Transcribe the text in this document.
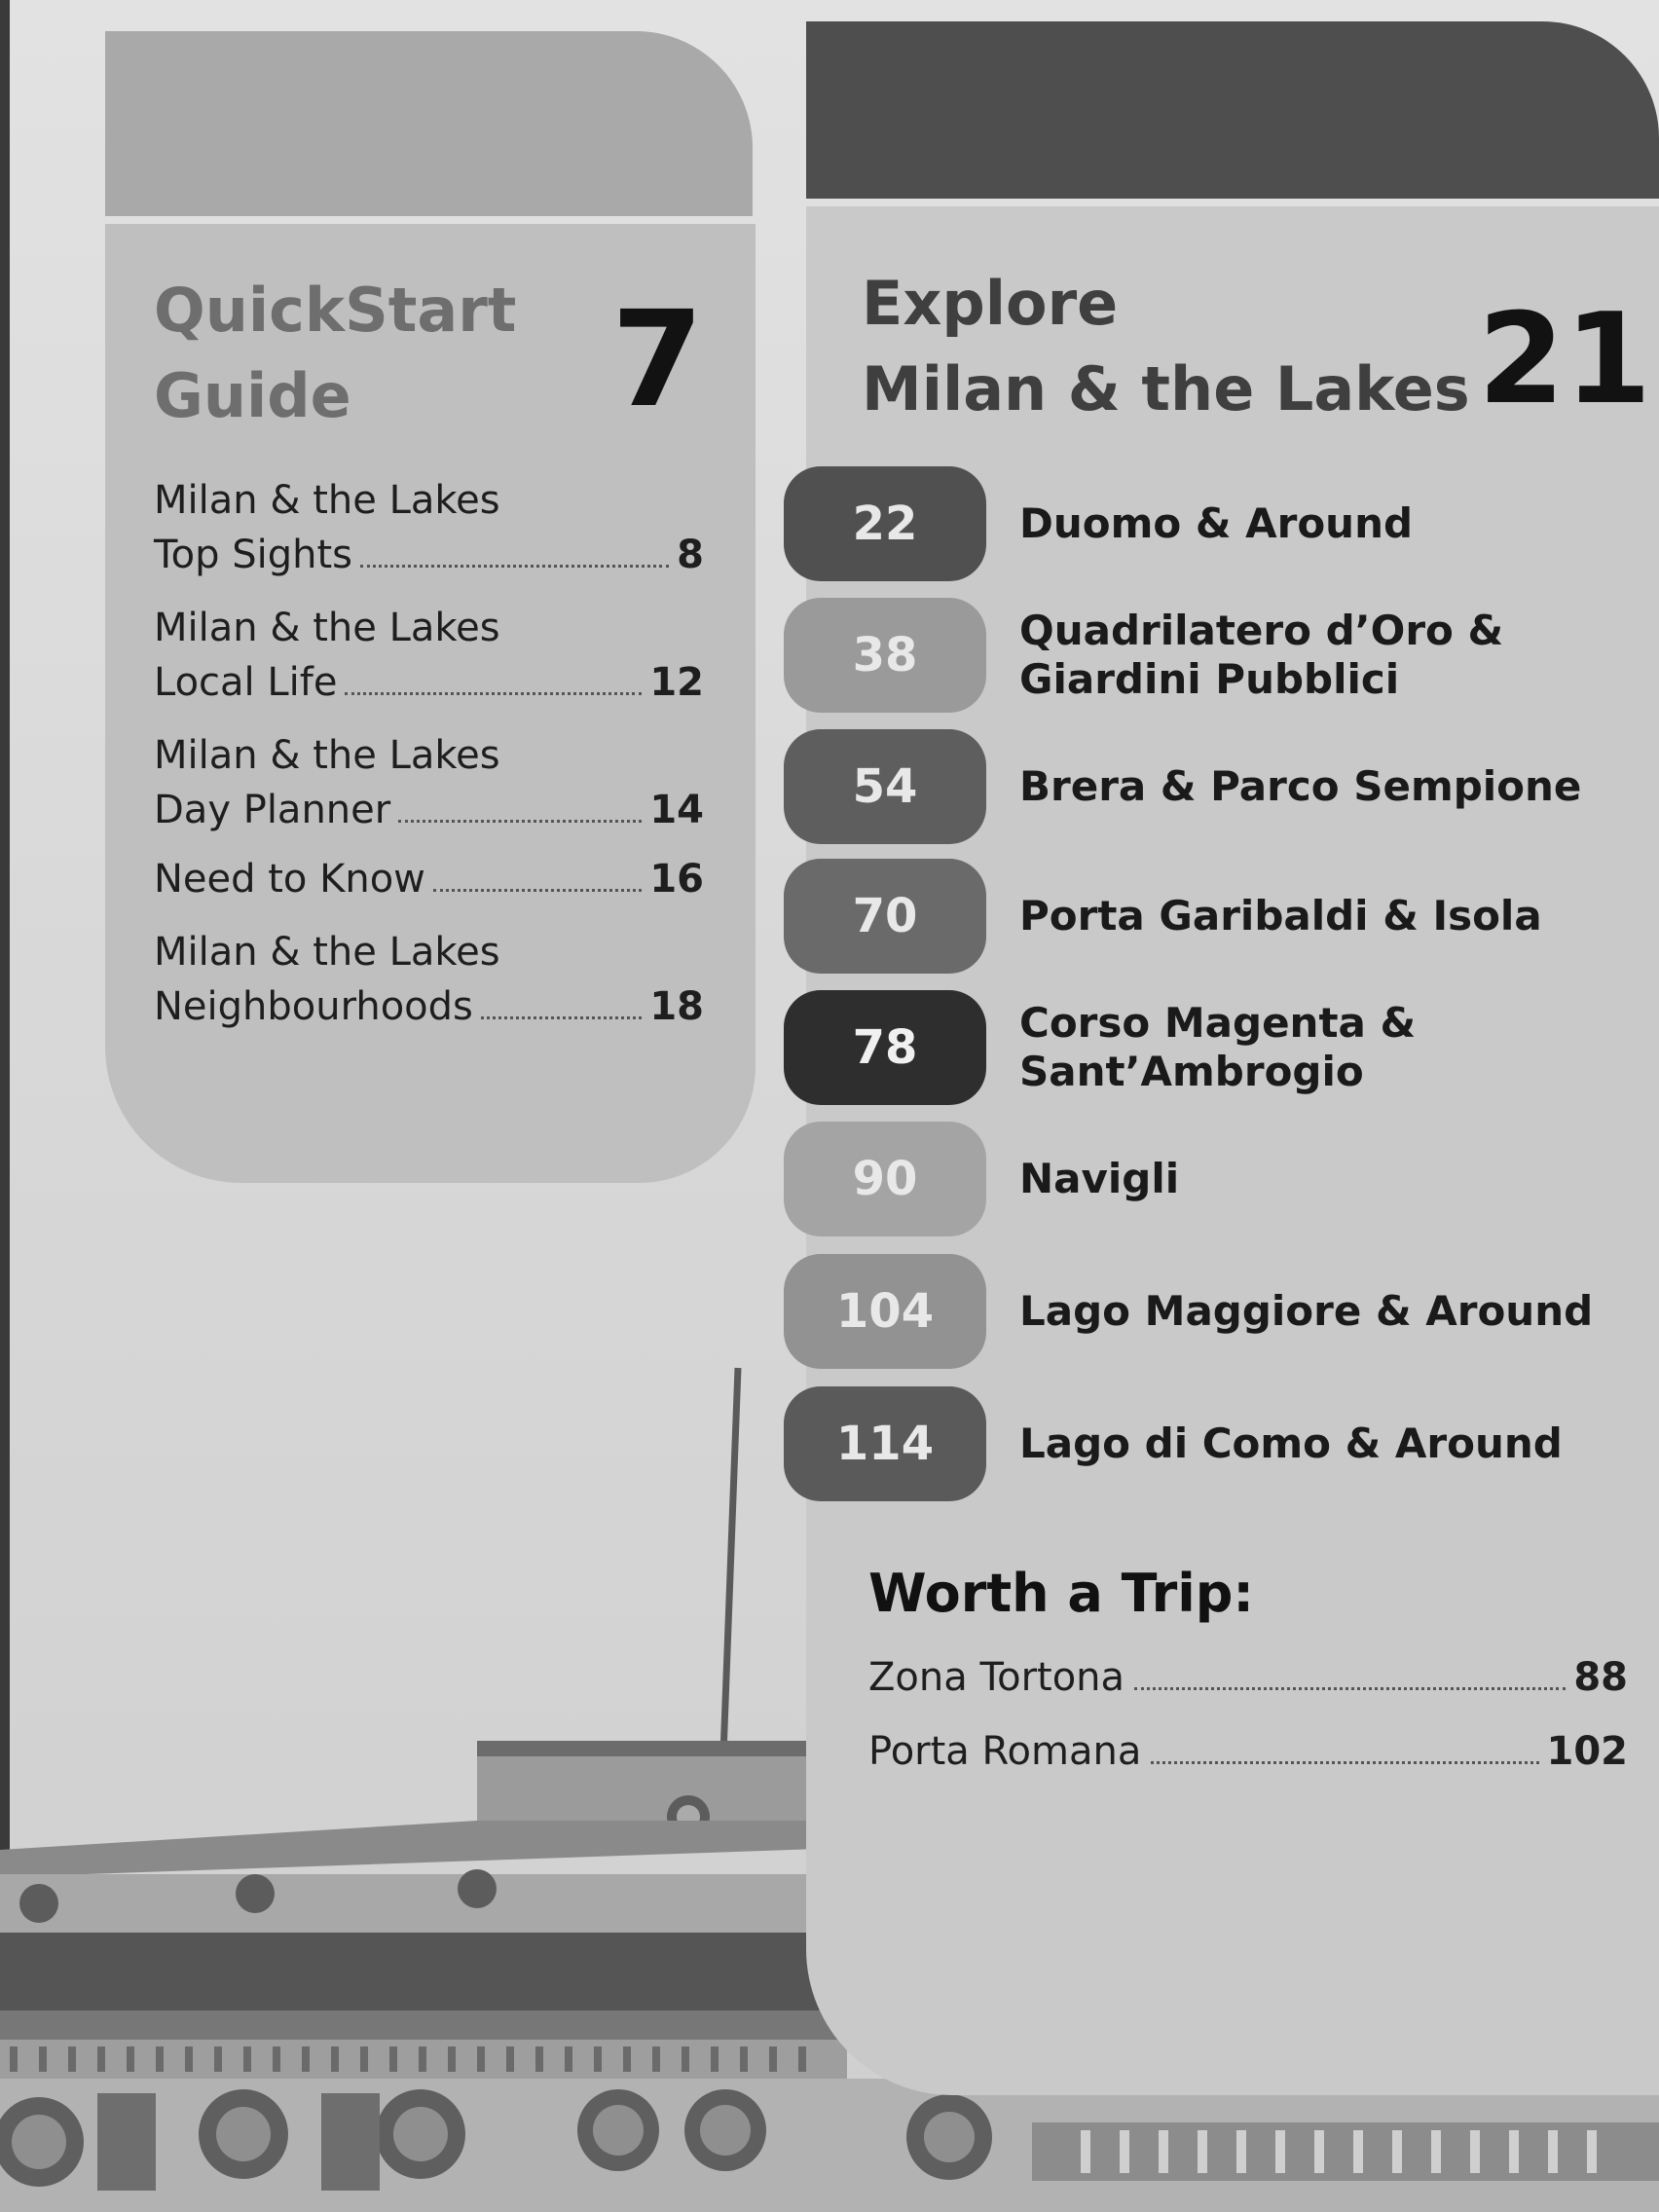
QuickStart
Guide	7
Milan & the Lakes
Top Sights	8
Milan & the Lakes
Local Life	12
Milan & the Lakes
Day Planner	14
Need to Know	16
Milan & the Lakes
Neighbourhoods	18
Explore
Milan & the Lakes 21
22	Duomo & Around
38	Quadrilatero d’Oro &
Giardini Pubblici
54	Brera & Parco Sempione
70	Porta Garibaldi & Isola
78	Corso Magenta &
Sant’Ambrogio
90	Navigli
104	Lago Maggiore & Around
114	Lago di Como & Around
Worth a Trip:
Zona Tortona	88
Porta Romana	102
